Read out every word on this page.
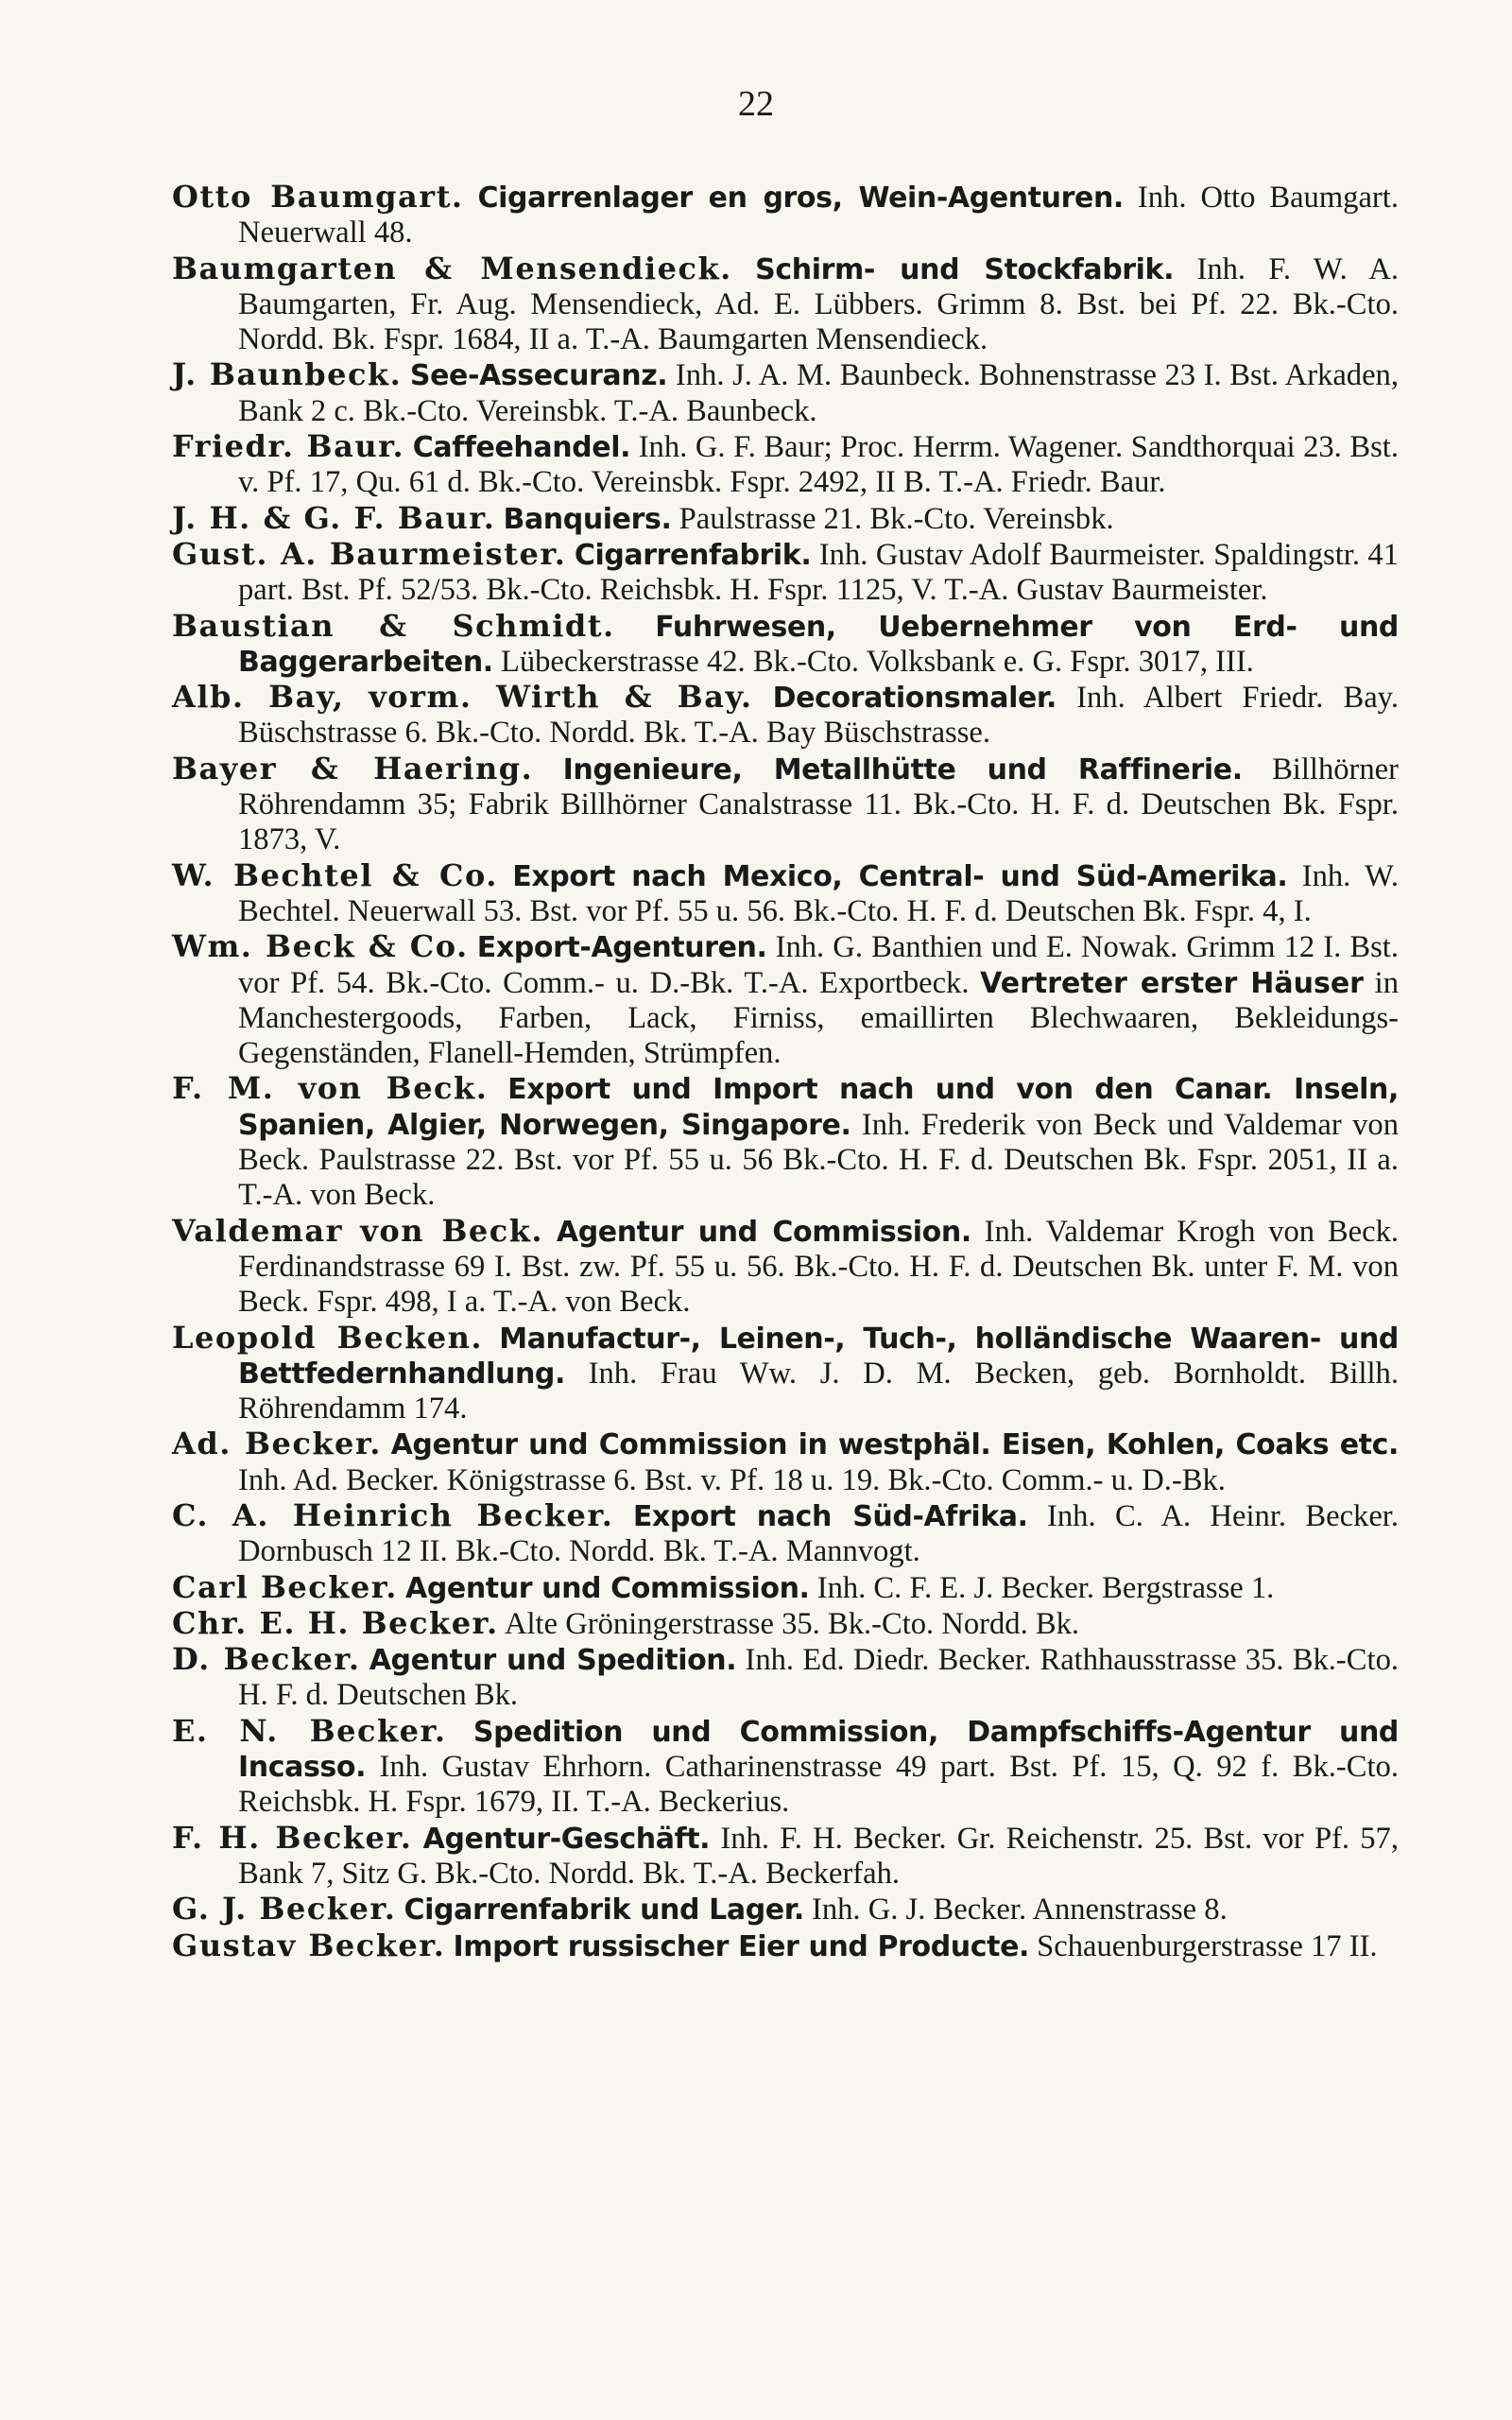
22

Otto Baumgart. Cigarrenlager en gros, Wein-Agenturen. Inh. Otto Baumgart. Neuerwall 48.

Baumgarten & Mensendieck. Schirm- und Stockfabrik. Inh. F. W. A. Baumgarten, Fr. Aug. Mensendieck, Ad. E. Lübbers. Grimm 8. Bst. bei Pf. 22. Bk.-Cto. Nordd. Bk. Fspr. 1684, II a. T.-A. Baumgarten Mensendieck.

J. Baunbeck. See-Assecuranz. Inh. J. A. M. Baunbeck. Bohnenstrasse 23 I. Bst. Arkaden, Bank 2 c. Bk.-Cto. Vereinsbk. T.-A. Baunbeck.

Friedr. Baur. Caffeehandel. Inh. G. F. Baur; Proc. Herrm. Wagener. Sandthorquai 23. Bst. v. Pf. 17, Qu. 61 d. Bk.-Cto. Vereinsbk. Fspr. 2492, II B. T.-A. Friedr. Baur.

J. H. & G. F. Baur. Banquiers. Paulstrasse 21. Bk.-Cto. Vereinsbk.

Gust. A. Baurmeister. Cigarrenfabrik. Inh. Gustav Adolf Baurmeister. Spaldingstr. 41 part. Bst. Pf. 52/53. Bk.-Cto. Reichsbk. H. Fspr. 1125, V. T.-A. Gustav Baurmeister.

Baustian & Schmidt. Fuhrwesen, Uebernehmer von Erd- und Baggerarbeiten. Lübeckerstrasse 42. Bk.-Cto. Volksbank e. G. Fspr. 3017, III.

Alb. Bay, vorm. Wirth & Bay. Decorationsmaler. Inh. Albert Friedr. Bay. Büschstrasse 6. Bk.-Cto. Nordd. Bk. T.-A. Bay Büschstrasse.

Bayer & Haering. Ingenieure, Metallhütte und Raffinerie. Billhörner Röhrendamm 35; Fabrik Billhörner Canalstrasse 11. Bk.-Cto. H. F. d. Deutschen Bk. Fspr. 1873, V.

W. Bechtel & Co. Export nach Mexico, Central- und Süd-Amerika. Inh. W. Bechtel. Neuerwall 53. Bst. vor Pf. 55 u. 56. Bk.-Cto. H. F. d. Deutschen Bk. Fspr. 4, I.

Wm. Beck & Co. Export-Agenturen. Inh. G. Banthien und E. Nowak. Grimm 12 I. Bst. vor Pf. 54. Bk.-Cto. Comm.- u. D.-Bk. T.-A. Exportbeck. Vertreter erster Häuser in Manchestergoods, Farben, Lack, Firniss, emaillirten Blechwaaren, Bekleidungs-Gegenständen, Flanell-Hemden, Strümpfen.

F. M. von Beck. Export und Import nach und von den Canar. Inseln, Spanien, Algier, Norwegen, Singapore. Inh. Frederik von Beck und Valdemar von Beck. Paulstrasse 22. Bst. vor Pf. 55 u. 56 Bk.-Cto. H. F. d. Deutschen Bk. Fspr. 2051, II a. T.-A. von Beck.

Valdemar von Beck. Agentur und Commission. Inh. Valdemar Krogh von Beck. Ferdinandstrasse 69 I. Bst. zw. Pf. 55 u. 56. Bk.-Cto. H. F. d. Deutschen Bk. unter F. M. von Beck. Fspr. 498, I a. T.-A. von Beck.

Leopold Becken. Manufactur-, Leinen-, Tuch-, holländische Waaren- und Bettfedernhandlung. Inh. Frau Ww. J. D. M. Becken, geb. Bornholdt. Billh. Röhrendamm 174.

Ad. Becker. Agentur und Commission in westphäl. Eisen, Kohlen, Coaks etc. Inh. Ad. Becker. Königstrasse 6. Bst. v. Pf. 18 u. 19. Bk.-Cto. Comm.- u. D.-Bk.

C. A. Heinrich Becker. Export nach Süd-Afrika. Inh. C. A. Heinr. Becker. Dornbusch 12 II. Bk.-Cto. Nordd. Bk. T.-A. Mannvogt.

Carl Becker. Agentur und Commission. Inh. C. F. E. J. Becker. Bergstrasse 1.

Chr. E. H. Becker. Alte Gröningerstrasse 35. Bk.-Cto. Nordd. Bk.

D. Becker. Agentur und Spedition. Inh. Ed. Diedr. Becker. Rathhausstrasse 35. Bk.-Cto. H. F. d. Deutschen Bk.

E. N. Becker. Spedition und Commission, Dampfschiffs-Agentur und Incasso. Inh. Gustav Ehrhorn. Catharinenstrasse 49 part. Bst. Pf. 15, Q. 92 f. Bk.-Cto. Reichsbk. H. Fspr. 1679, II. T.-A. Beckerius.

F. H. Becker. Agentur-Geschäft. Inh. F. H. Becker. Gr. Reichenstr. 25. Bst. vor Pf. 57, Bank 7, Sitz G. Bk.-Cto. Nordd. Bk. T.-A. Beckerfah.

G. J. Becker. Cigarrenfabrik und Lager. Inh. G. J. Becker. Annenstrasse 8.

Gustav Becker. Import russischer Eier und Producte. Schauenburgerstrasse 17 II.
